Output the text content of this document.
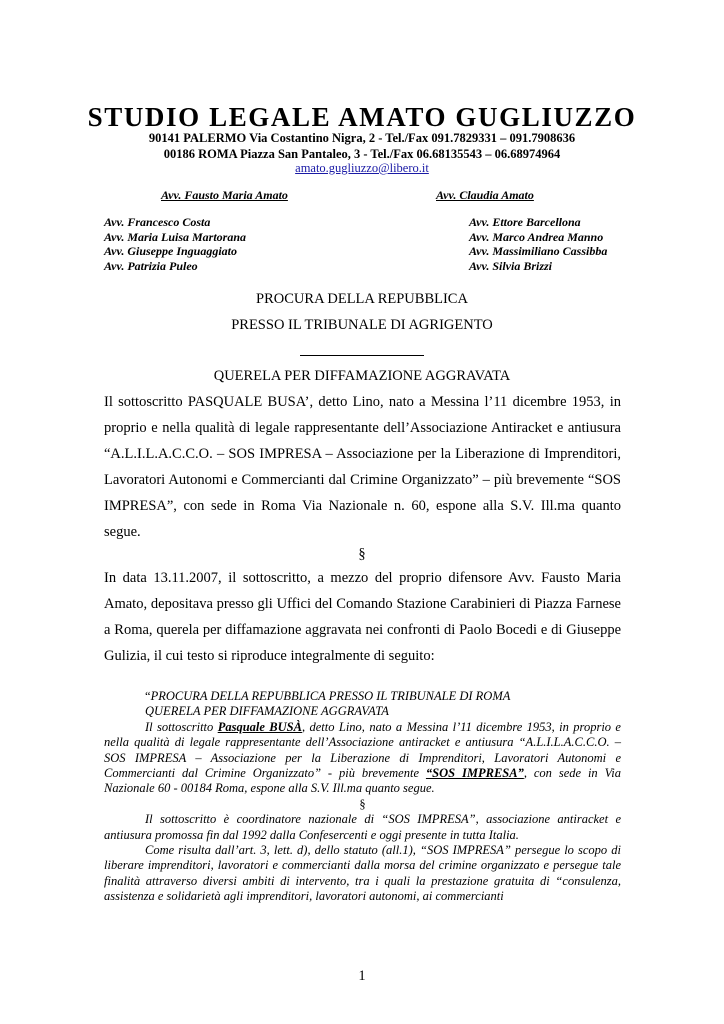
STUDIO LEGALE AMATO GUGLIUZZO
90141 PALERMO Via Costantino Nigra, 2 - Tel./Fax 091.7829331 – 091.7908636
00186 ROMA Piazza San Pantaleo, 3 - Tel./Fax 06.68135543 – 06.68974964
amato.gugliuzzo@libero.it
Avv. Fausto Maria Amato	Avv. Claudia Amato
Avv. Francesco Costa
Avv. Maria Luisa Martorana
Avv. Giuseppe Inguaggiato
Avv. Patrizia Puleo
Avv. Ettore Barcellona
Avv. Marco Andrea Manno
Avv. Massimiliano Cassibba
Avv. Silvia Brizzi
PROCURA DELLA REPUBBLICA
PRESSO IL TRIBUNALE DI AGRIGENTO
QUERELA PER DIFFAMAZIONE AGGRAVATA
Il sottoscritto PASQUALE BUSA’, detto Lino, nato a Messina l’11 dicembre 1953, in proprio e nella qualità di legale rappresentante dell’Associazione Antiracket e antiusura “A.L.I.L.A.C.C.O. – SOS IMPRESA – Associazione per la Liberazione di Imprenditori, Lavoratori Autonomi e Commercianti dal Crimine Organizzato” – più brevemente “SOS IMPRESA”, con sede in Roma Via Nazionale n. 60, espone alla S.V. Ill.ma quanto segue.
§
In data 13.11.2007, il sottoscritto, a mezzo del proprio difensore Avv. Fausto Maria Amato, depositava presso gli Uffici del Comando Stazione Carabinieri di Piazza Farnese a Roma, querela per diffamazione aggravata nei confronti di Paolo Bocedi e di Giuseppe Gulizia, il cui testo si riproduce integralmente di seguito:
“PROCURA DELLA REPUBBLICA PRESSO IL TRIBUNALE DI ROMA
QUERELA PER DIFFAMAZIONE AGGRAVATA
Il sottoscritto Pasquale BUSÀ, detto Lino, nato a Messina l’11 dicembre 1953, in proprio e nella qualità di legale rappresentante dell’Associazione antiracket e antiusura “A.L.I.L.A.C.C.O. – SOS IMPRESA – Associazione per la Liberazione di Imprenditori, Lavoratori Autonomi e Commercianti dal Crimine Organizzato” - più brevemente “SOS IMPRESA”, con sede in Via Nazionale 60 - 00184 Roma, espone alla S.V. Ill.ma quanto segue.
§
Il sottoscritto è coordinatore nazionale di “SOS IMPRESA”, associazione antiracket e antiusura promossa fin dal 1992 dalla Confesercenti e oggi presente in tutta Italia.
Come risulta dall’art. 3, lett. d), dello statuto (all.1), “SOS IMPRESA” persegue lo scopo di liberare imprenditori, lavoratori e commercianti dalla morsa del crimine organizzato e persegue tale finalità attraverso diversi ambiti di intervento, tra i quali la prestazione gratuita di “consulenza, assistenza e solidarietà agli imprenditori, lavoratori autonomi, ai commercianti
1
